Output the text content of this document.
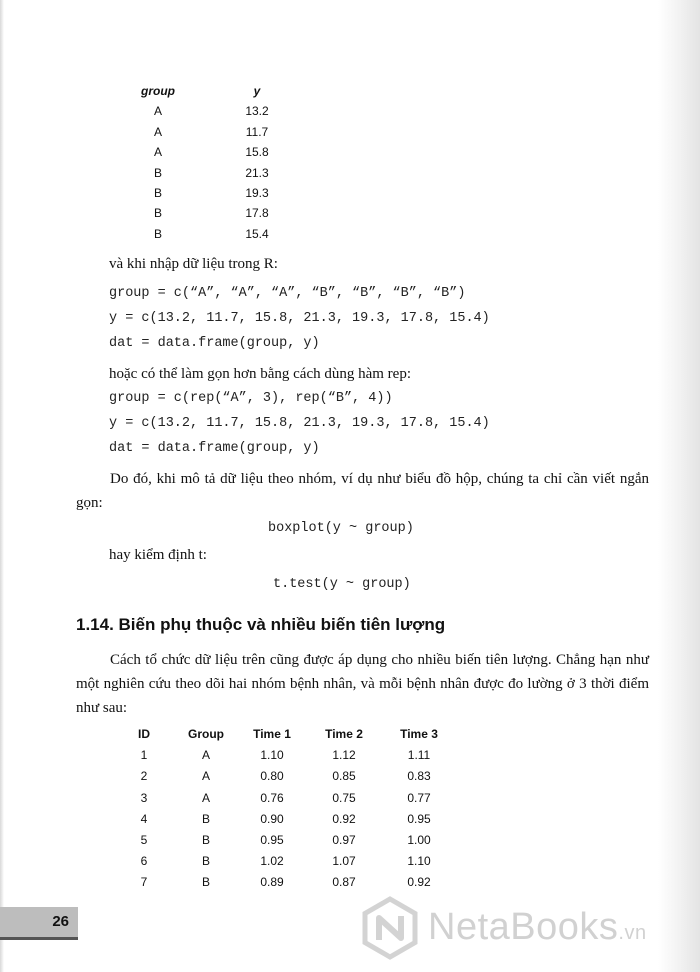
group	y
A	13.2
A	11.7
A	15.8
B	21.3
B	19.3
B	17.8
B	15.4
và khi nhập dữ liệu trong R:
group = c(“A”, “A”, “A”, “B”, “B”, “B”, “B”)
y = c(13.2, 11.7, 15.8, 21.3, 19.3, 17.8, 15.4)
dat = data.frame(group, y)
hoặc có thể làm gọn hơn bằng cách dùng hàm rep:
group = c(rep(“A”, 3), rep(“B”, 4))
y = c(13.2, 11.7, 15.8, 21.3, 19.3, 17.8, 15.4)
dat = data.frame(group, y)
Do đó, khi mô tả dữ liệu theo nhóm, ví dụ như biểu đồ hộp, chúng ta chỉ cần viết ngắn gọn:
boxplot(y ~ group)
hay kiểm định t:
t.test(y ~ group)
1.14. Biến phụ thuộc và nhiều biến tiên lượng
Cách tổ chức dữ liệu trên cũng được áp dụng cho nhiều biến tiên lượng. Chẳng hạn như một nghiên cứu theo dõi hai nhóm bệnh nhân, và mỗi bệnh nhân được đo lường ở 3 thời điểm như sau:
ID	Group	Time 1	Time 2	Time 3
1	A	1.10	1.12	1.11
2	A	0.80	0.85	0.83
3	A	0.76	0.75	0.77
4	B	0.90	0.92	0.95
5	B	0.95	0.97	1.00
6	B	1.02	1.07	1.10
7	B	0.89	0.87	0.92
26	NetaBooks.vn
